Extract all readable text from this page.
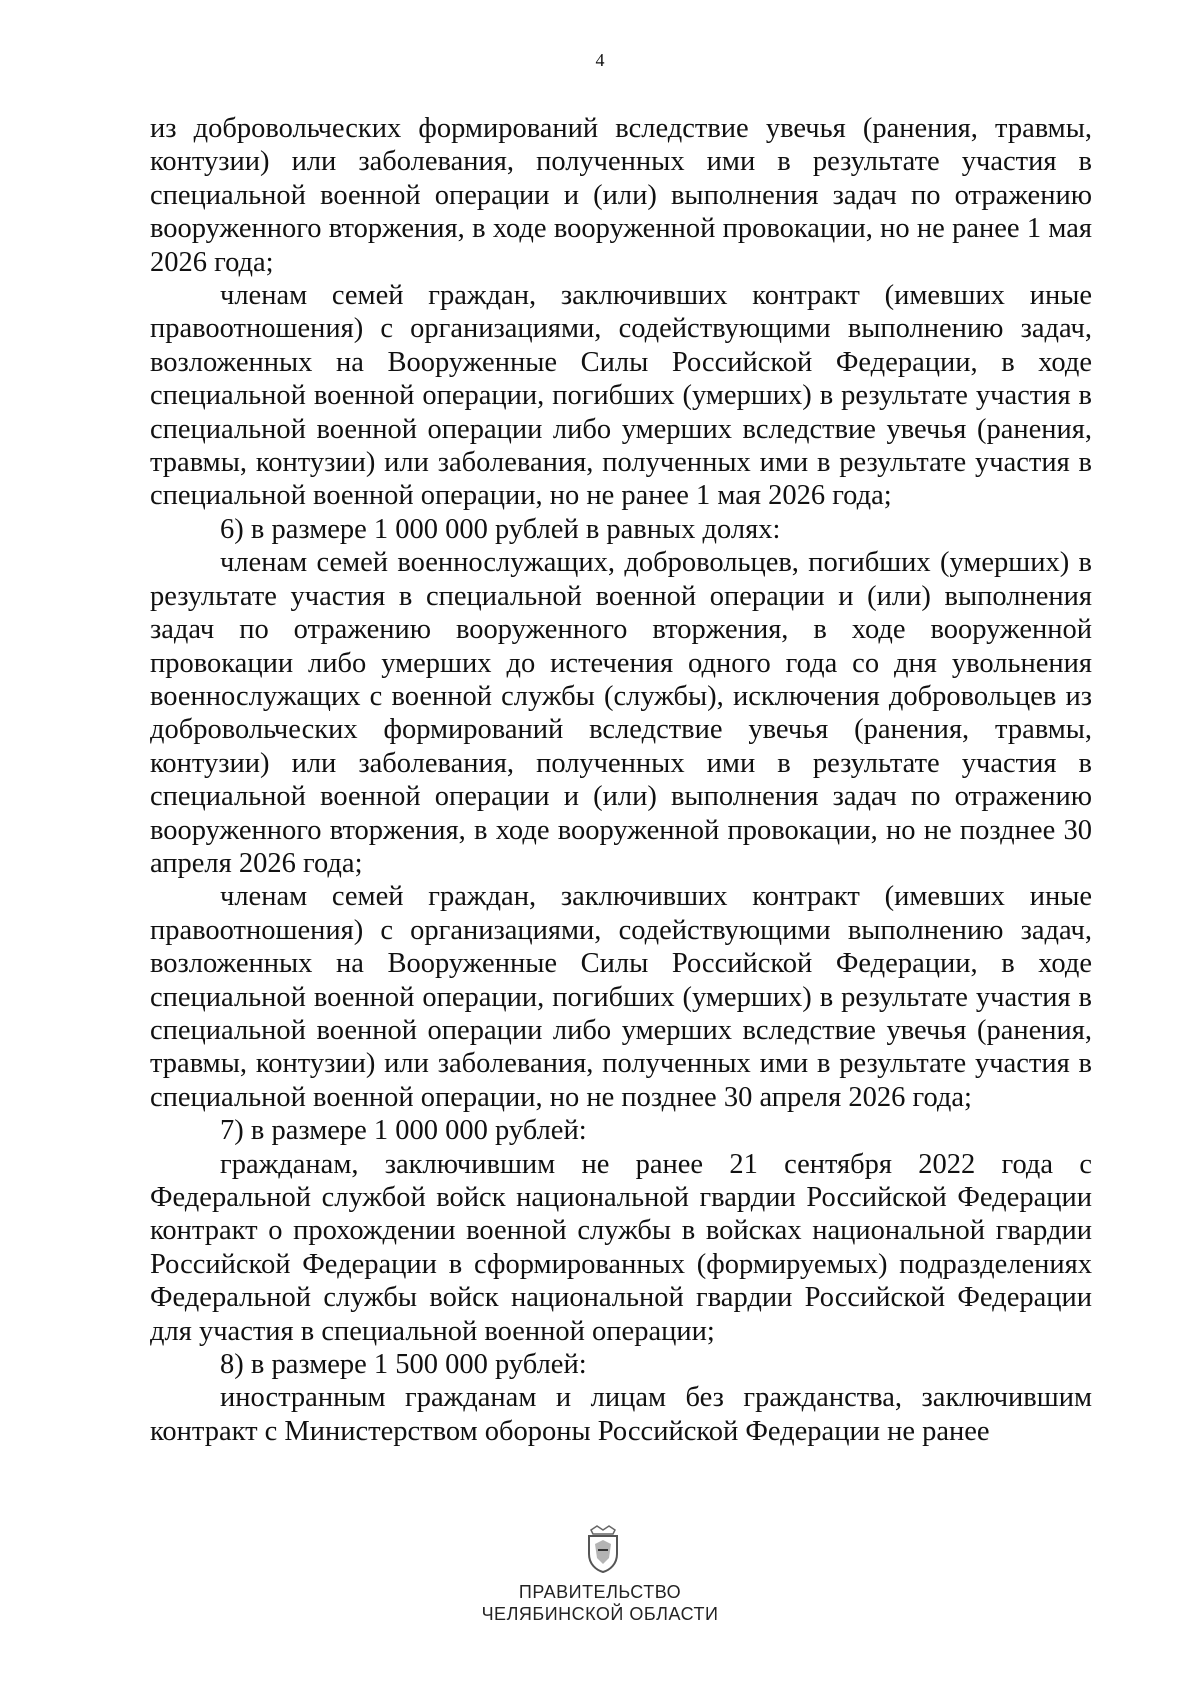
4

из добровольческих формирований вследствие увечья (ранения, травмы, контузии) или заболевания, полученных ими в результате участия в специальной военной операции и (или) выполнения задач по отражению вооруженного вторжения, в ходе вооруженной провокации, но не ранее 1 мая 2026 года;

членам семей граждан, заключивших контракт (имевших иные правоотношения) с организациями, содействующими выполнению задач, возложенных на Вооруженные Силы Российской Федерации, в ходе специальной военной операции, погибших (умерших) в результате участия в специальной военной операции либо умерших вследствие увечья (ранения, травмы, контузии) или заболевания, полученных ими в результате участия в специальной военной операции, но не ранее 1 мая 2026 года;

6) в размере 1 000 000 рублей в равных долях:

членам семей военнослужащих, добровольцев, погибших (умерших) в результате участия в специальной военной операции и (или) выполнения задач по отражению вооруженного вторжения, в ходе вооруженной провокации либо умерших до истечения одного года со дня увольнения военнослужащих с военной службы (службы), исключения добровольцев из добровольческих формирований вследствие увечья (ранения, травмы, контузии) или заболевания, полученных ими в результате участия в специальной военной операции и (или) выполнения задач по отражению вооруженного вторжения, в ходе вооруженной провокации, но не позднее 30 апреля 2026 года;

членам семей граждан, заключивших контракт (имевших иные правоотношения) с организациями, содействующими выполнению задач, возложенных на Вооруженные Силы Российской Федерации, в ходе специальной военной операции, погибших (умерших) в результате участия в специальной военной операции либо умерших вследствие увечья (ранения, травмы, контузии) или заболевания, полученных ими в результате участия в специальной военной операции, но не позднее 30 апреля 2026 года;

7) в размере 1 000 000 рублей:

гражданам, заключившим не ранее 21 сентября 2022 года с Федеральной службой войск национальной гвардии Российской Федерации контракт о прохождении военной службы в войсках национальной гвардии Российской Федерации в сформированных (формируемых) подразделениях Федеральной службы войск национальной гвардии Российской Федерации для участия в специальной военной операции;

8) в размере 1 500 000 рублей:

иностранным гражданам и лицам без гражданства, заключившим контракт с Министерством обороны Российской Федерации не ранее

ПРАВИТЕЛЬСТВО
ЧЕЛЯБИНСКОЙ ОБЛАСТИ
